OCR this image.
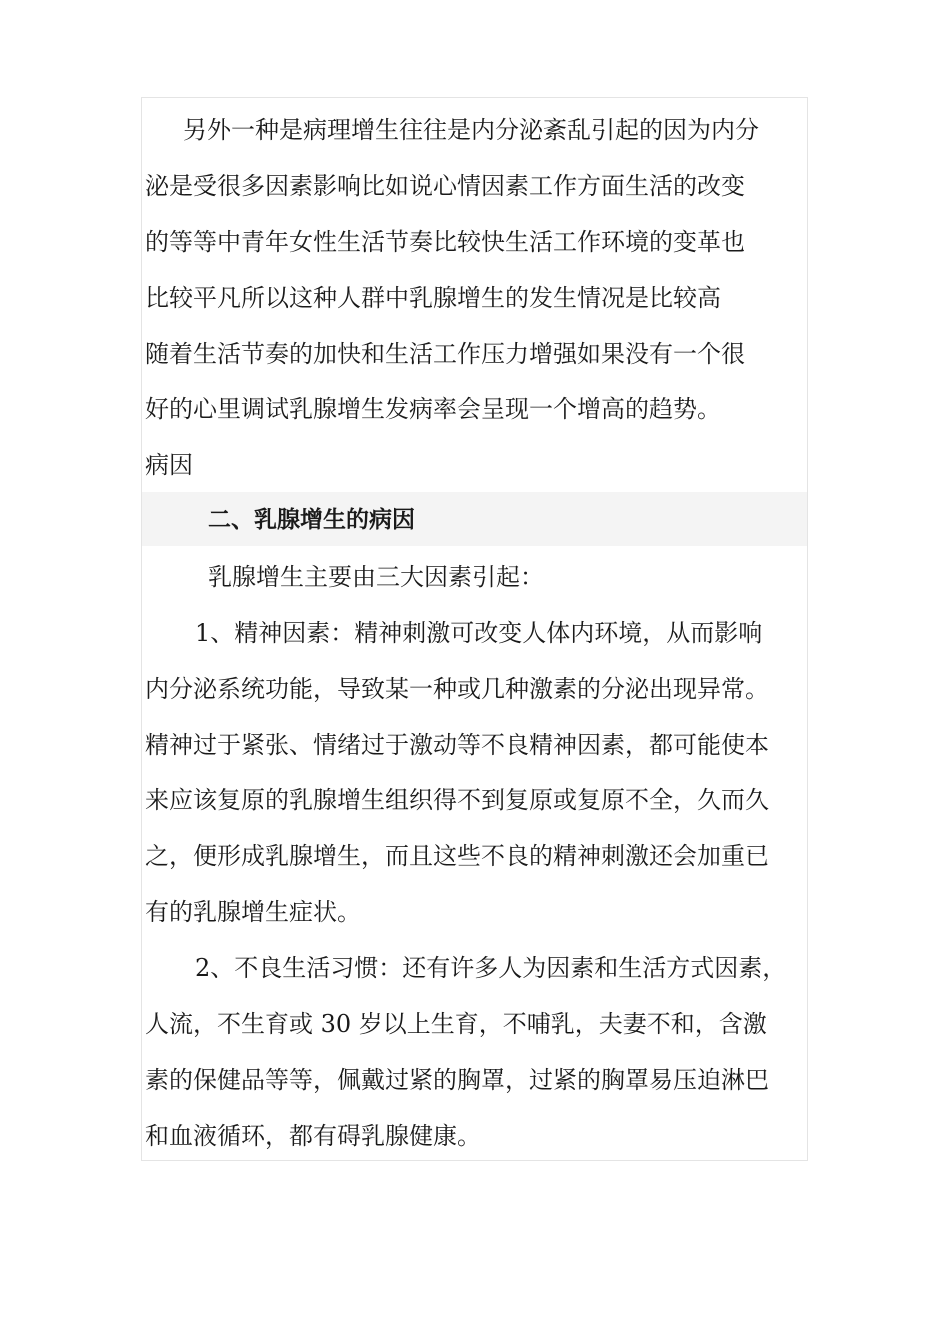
另外一种是病理增生往往是内分泌紊乱引起的因为内分
泌是受很多因素影响比如说心情因素工作方面生活的改变
的等等中青年女性生活节奏比较快生活工作环境的变革也
比较平凡所以这种人群中乳腺增生的发生情况是比较高
随着生活节奏的加快和生活工作压力增强如果没有一个很
好的心里调试乳腺增生发病率会呈现一个增高的趋势。
病因
二、乳腺增生的病因
乳腺增生主要由三大因素引起：
1、精神因素：精神刺激可改变人体内环境，从而影响
内分泌系统功能，导致某一种或几种激素的分泌出现异常。
精神过于紧张、情绪过于激动等不良精神因素，都可能使本
来应该复原的乳腺增生组织得不到复原或复原不全，久而久
之，便形成乳腺增生，而且这些不良的精神刺激还会加重已
有的乳腺增生症状。
2、不良生活习惯：还有许多人为因素和生活方式因素，
人流，不生育或 30 岁以上生育，不哺乳，夫妻不和，含激
素的保健品等等，佩戴过紧的胸罩，过紧的胸罩易压迫淋巴
和血液循环，都有碍乳腺健康。
